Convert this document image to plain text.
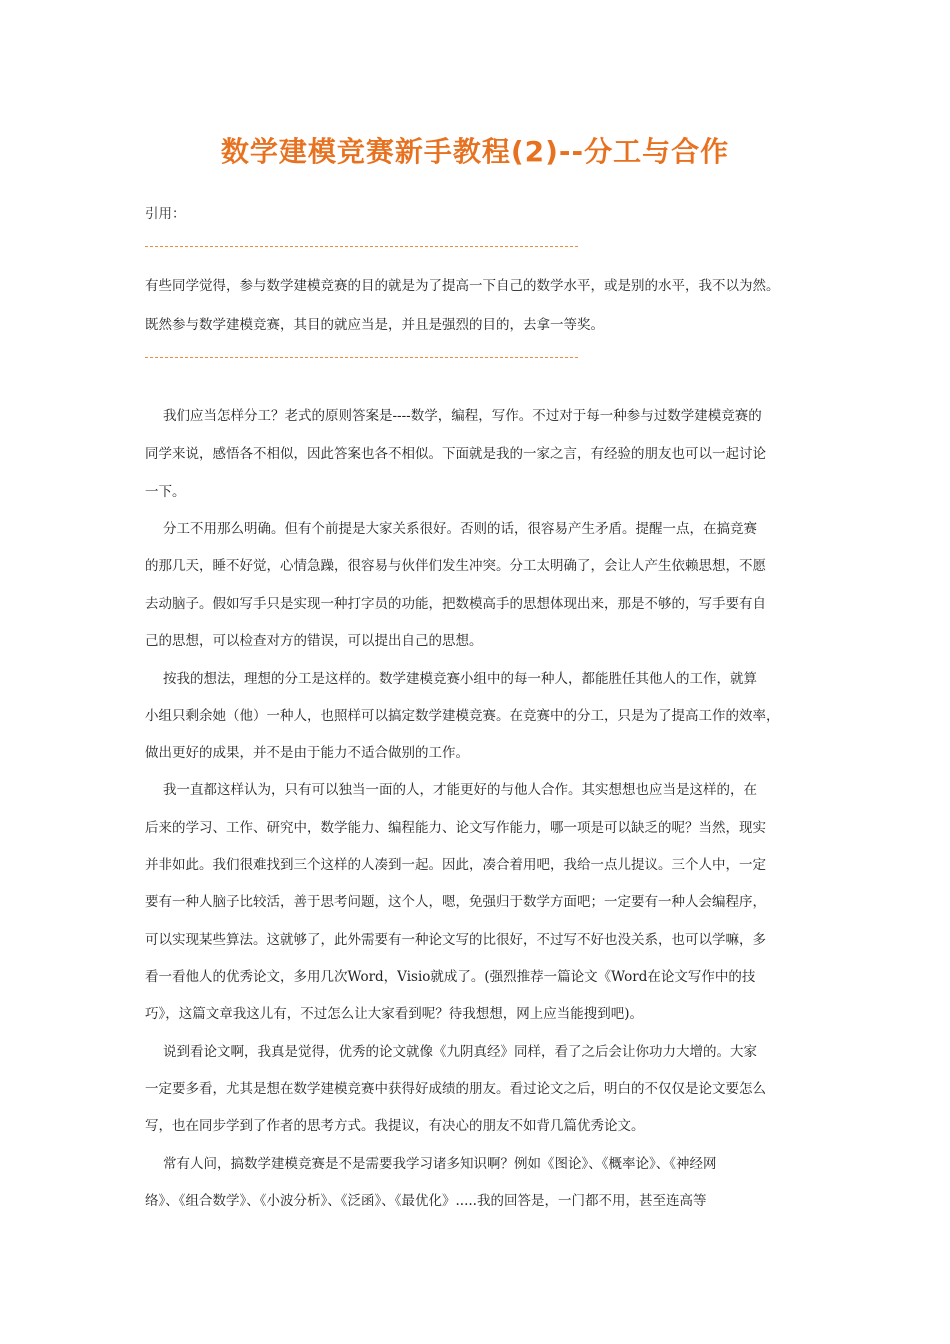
数学建模竞赛新手教程(2)--分工与合作
引用：
有些同学觉得，参与数学建模竞赛的目的就是为了提高一下自己的数学水平，或是别的水平，我不以为然。
既然参与数学建模竞赛，其目的就应当是，并且是强烈的目的，去拿一等奖。
我们应当怎样分工？老式的原则答案是----数学，编程，写作。不过对于每一种参与过数学建模竞赛的
同学来说，感悟各不相似，因此答案也各不相似。下面就是我的一家之言，有经验的朋友也可以一起讨论
一下。
分工不用那么明确。但有个前提是大家关系很好。否则的话，很容易产生矛盾。提醒一点，在搞竞赛
的那几天，睡不好觉，心情急躁，很容易与伙伴们发生冲突。分工太明确了，会让人产生依赖思想，不愿
去动脑子。假如写手只是实现一种打字员的功能，把数模高手的思想体现出来，那是不够的，写手要有自
己的思想，可以检查对方的错误，可以提出自己的思想。
按我的想法，理想的分工是这样的。数学建模竞赛小组中的每一种人，都能胜任其他人的工作，就算
小组只剩余她（他）一种人，也照样可以搞定数学建模竞赛。在竞赛中的分工，只是为了提高工作的效率，
做出更好的成果，并不是由于能力不适合做别的工作。
我一直都这样认为，只有可以独当一面的人，才能更好的与他人合作。其实想想也应当是这样的，在
后来的学习、工作、研究中，数学能力、编程能力、论文写作能力，哪一项是可以缺乏的呢？当然，现实
并非如此。我们很难找到三个这样的人凑到一起。因此，凑合着用吧，我给一点儿提议。三个人中，一定
要有一种人脑子比较活，善于思考问题，这个人，嗯，免强归于数学方面吧；一定要有一种人会编程序，
可以实现某些算法。这就够了，此外需要有一种论文写的比很好，不过写不好也没关系，也可以学嘛，多
看一看他人的优秀论文，多用几次Word，Visio就成了。(强烈推荐一篇论文《Word在论文写作中的技
巧》，这篇文章我这儿有，不过怎么让大家看到呢？待我想想，网上应当能搜到吧)。
说到看论文啊，我真是觉得，优秀的论文就像《九阴真经》同样，看了之后会让你功力大增的。大家
一定要多看，尤其是想在数学建模竞赛中获得好成绩的朋友。看过论文之后，明白的不仅仅是论文要怎么
写，也在同步学到了作者的思考方式。我提议，有决心的朋友不如背几篇优秀论文。
常有人问，搞数学建模竞赛是不是需要我学习诸多知识啊？例如《图论》、《概率论》、《神经网
络》、《组合数学》、《小波分析》、《泛函》、《最优化》.....我的回答是，一门都不用，甚至连高等
